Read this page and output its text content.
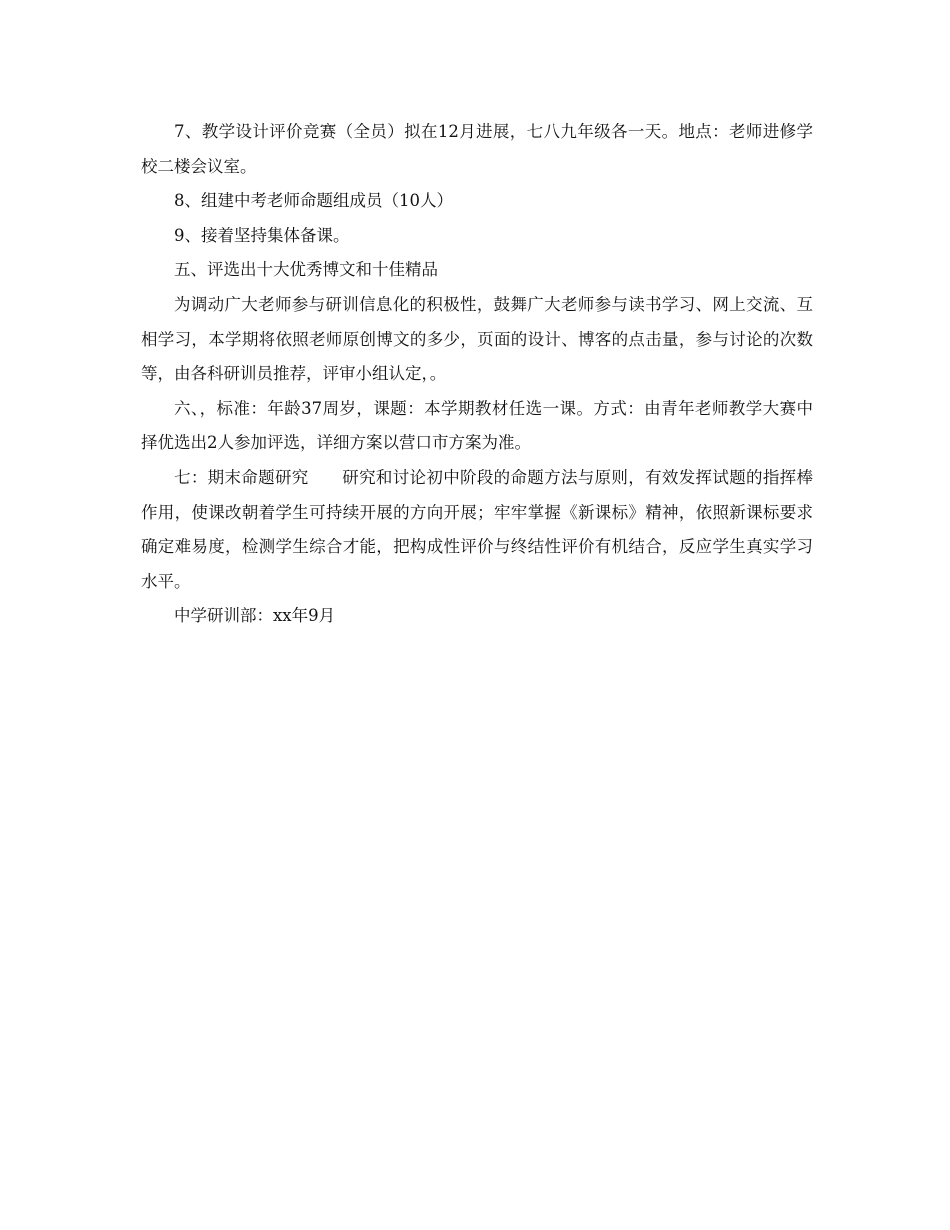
7、教学设计评价竞赛（全员）拟在12月进展，七八九年级各一天。地点：老师进修学校二楼会议室。

8、组建中考老师命题组成员（10人）

9、接着坚持集体备课。

五、评选出十大优秀博文和十佳精品

为调动广大老师参与研训信息化的积极性，鼓舞广大老师参与读书学习、网上交流、互相学习，本学期将依照老师原创博文的多少，页面的设计、博客的点击量，参与讨论的次数等，由各科研训员推荐，评审小组认定，。

六、，标准：年龄37周岁，课题：本学期教材任选一课。方式：由青年老师教学大赛中择优选出2人参加评选，详细方案以营口市方案为准。

七：期末命题研究　　研究和讨论初中阶段的命题方法与原则，有效发挥试题的指挥棒作用，使课改朝着学生可持续开展的方向开展；牢牢掌握《新课标》精神，依照新课标要求确定难易度，检测学生综合才能，把构成性评价与终结性评价有机结合，反应学生真实学习水平。

中学研训部：xx年9月
